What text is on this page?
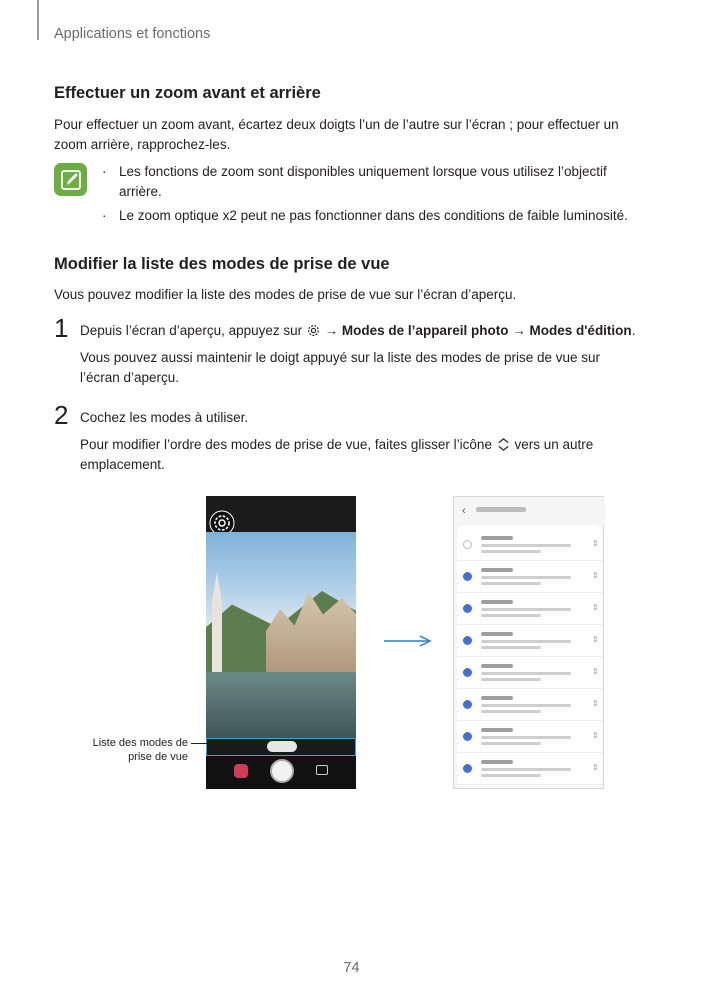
Applications et fonctions
Effectuer un zoom avant et arrière
Pour effectuer un zoom avant, écartez deux doigts l’un de l’autre sur l’écran ; pour effectuer un zoom arrière, rapprochez-les.
· Les fonctions de zoom sont disponibles uniquement lorsque vous utilisez l’objectif arrière.
· Le zoom optique x2 peut ne pas fonctionner dans des conditions de faible luminosité.
Modifier la liste des modes de prise de vue
Vous pouvez modifier la liste des modes de prise de vue sur l’écran d’aperçu.
1 Depuis l’écran d’aperçu, appuyez sur → Modes de l’appareil photo → Modes d'édition.
Vous pouvez aussi maintenir le doigt appuyé sur la liste des modes de prise de vue sur l’écran d’aperçu.
2 Cochez les modes à utiliser.
Pour modifier l’ordre des modes de prise de vue, faites glisser l’icône vers un autre emplacement.
Liste des modes de prise de vue
‹
⇕
⇕
⇕
⇕
⇕
⇕
⇕
⇕
74
